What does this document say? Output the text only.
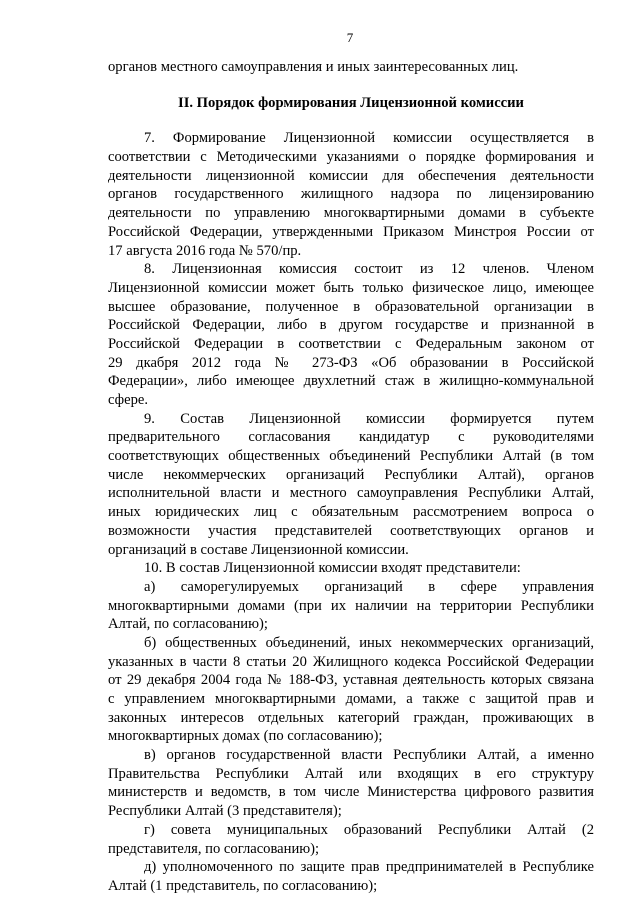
7
органов местного самоуправления и иных заинтересованных лиц.
II. Порядок формирования Лицензионной комиссии
7. Формирование Лицензионной комиссии осуществляется в
соответствии с Методическими указаниями о порядке формирования и
деятельности лицензионной комиссии для обеспечения деятельности
органов государственного жилищного надзора по лицензированию
деятельности по управлению многоквартирными домами в субъекте
Российской Федерации, утвержденными Приказом Минстроя России от
17 августа 2016 года № 570/пр.
8. Лицензионная комиссия состоит из 12 членов. Членом
Лицензионной комиссии может быть только физическое лицо, имеющее
высшее образование, полученное в образовательной организации в
Российской Федерации, либо в другом государстве и признанной в
Российской Федерации в соответствии с Федеральным законом от
29 дкабря 2012 года № 273-ФЗ «Об образовании в Российской
Федерации», либо имеющее двухлетний стаж в жилищно-коммунальной
сфере.
9. Состав Лицензионной комиссии формируется путем
предварительного согласования кандидатур с руководителями
соответствующих общественных объединений Республики Алтай (в том
числе некоммерческих организаций Республики Алтай), органов
исполнительной власти и местного самоуправления Республики Алтай,
иных юридических лиц с обязательным рассмотрением вопроса о
возможности участия представителей соответствующих органов и
организаций в составе Лицензионной комиссии.
10. В состав Лицензионной комиссии входят представители:
а) саморегулируемых организаций в сфере управления
многоквартирными домами (при их наличии на территории Республики
Алтай, по согласованию);
б) общественных объединений, иных некоммерческих организаций,
указанных в части 8 статьи 20 Жилищного кодекса Российской Федерации
от 29 декабря 2004 года № 188-ФЗ, уставная деятельность которых связана
с управлением многоквартирными домами, а также с защитой прав и
законных интересов отдельных категорий граждан, проживающих в
многоквартирных домах (по согласованию);
в) органов государственной власти Республики Алтай, а именно
Правительства Республики Алтай или входящих в его структуру
министерств и ведомств, в том числе Министерства цифрового развития
Республики Алтай (3 представителя);
г) совета муниципальных образований Республики Алтай (2
представителя, по согласованию);
д) уполномоченного по защите прав предпринимателей в Республике
Алтай (1 представитель, по согласованию);
